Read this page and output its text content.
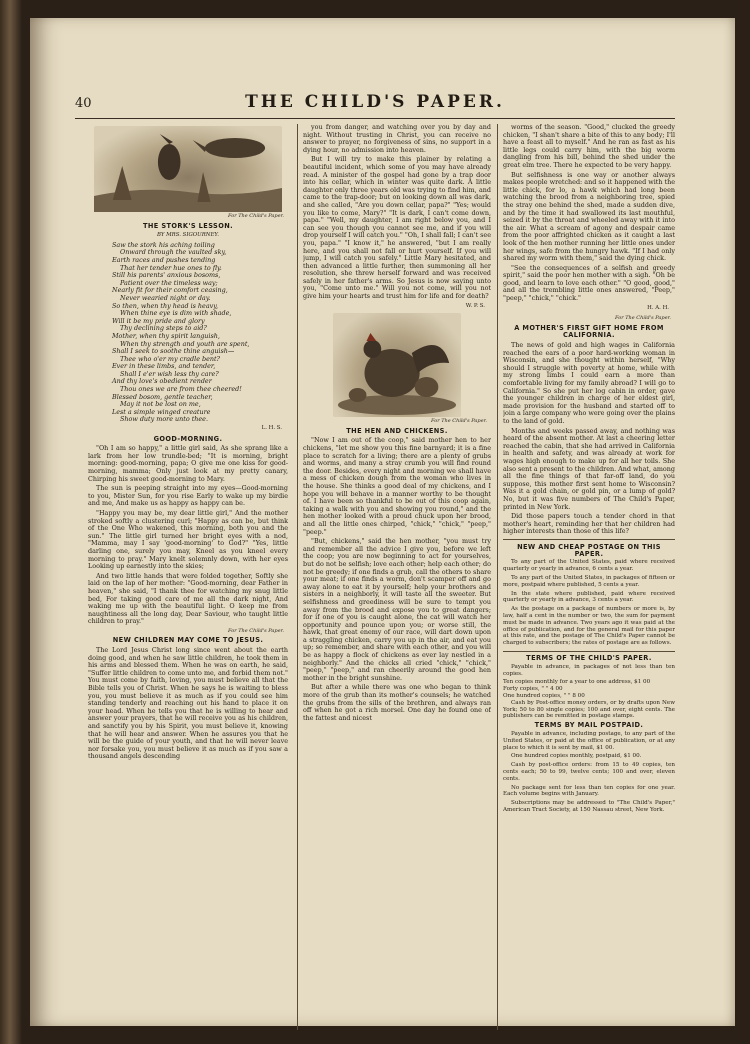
40	THE CHILD'S PAPER.
For The Child's Paper.
THE STORK'S LESSON.
BY MRS. SIGOURNEY.
Saw the stork his aching toiling
Onward through the vaulted sky,
Earth races and pushes tending
That her tender hue ones to fly.
Still his parents' anxious bosoms,
Patient over the timeless way;
Nearly fit for their comfort ceasing,
Never wearied night or day.
So then, when thy head is heavy,
When thine eye is dim with shade,
Will it be my pride and glory
Thy declining steps to aid?
Mother, when thy spirit languish,
When thy strength and youth are spent,
Shall I seek to soothe thine anguish—
Thee who o'er my cradle bent?
Ever in these limbs, and tender,
Shall I e'er wish less thy care?
And thy love's obedient render
Thou ones we are from thee cheered!
Blessed bosom, gentle teacher,
May it not be lost on me,
Lest a simple winged creature
Show duty more unto thee.
L. H. S.
GOOD-MORNING.

"Oh I am so happy," a little girl said, As she sprang like a lark from her low trundle-bed; "It is morning, bright morning: good-morning, papa; O give me one kiss for good-morning, mamma; Only just look at my pretty canary, Chirping his sweet good-morning to Mary.

The sun is peeping straight into my eyes—Good-morning to you, Mister Sun, for you rise Early to wake up my birdie and me, And make us as happy as happy can be.

"Happy you may be, my dear little girl," And the mother stroked softly a clustering curl; "Happy as can be, but think of the One Who wakened, this morning, both you and the sun." The little girl turned her bright eyes with a nod, "Mamma, may I say 'good-morning' to God?" "Yes, little darling one, surely you may, Kneel as you kneel every morning to pray." Mary knelt solemnly down, with her eyes Looking up earnestly into the skies;

And two little hands that were folded together, Softly she laid on the lap of her mother: "Good-morning, dear Father in heaven," she said, "I thank thee for watching my snug little bed, For taking good care of me all the dark night, And waking me up with the beautiful light. O keep me from naughtiness all the long day, Dear Saviour, who taught little children to pray."

For The Child's Paper.
NEW CHILDREN MAY COME TO JESUS.

The Lord Jesus Christ long since went about the earth doing good, and when he saw little children, he took them in his arms and blessed them. When he was on earth, he said, "Suffer little children to come unto me, and forbid them not." You must come by faith, loving, you must believe all that the Bible tells you of Christ. When he says he is waiting to bless you, you must believe it as much as if you could see him standing tenderly and reaching out his hand to place it on your head. When he tells you that he is willing to hear and answer your prayers, that he will receive you as his children, and sanctify you by his Spirit, you must believe it, knowing that he will hear and answer. When he assures you that he will be the guide of your youth, and that he will never leave nor forsake you, you must believe it as much as if you saw a thousand angels descending

you from danger, and watching over you by day and night. Without trusting in Christ, you can receive no answer to prayer, no forgiveness of sins, no support in a dying hour, no admission into heaven.

But I will try to make this plainer by relating a beautiful incident, which some of you may have already read. A minister of the gospel had gone by a trap door into his cellar, which in winter was quite dark. A little daughter only three years old was trying to find him, and came to the trap-door; but on looking down all was dark, and she called, "Are you down cellar, papa?" "Yes; would you like to come, Mary?" "It is dark, I can't come down, papa." "Well, my daughter, I am right below you, and I can see you though you cannot see me, and if you will drop yourself I will catch you." "Oh, I shall fall; I can't see you, papa." "I know it," he answered, "but I am really here, and you shall not fall or hurt yourself. If you will jump, I will catch you safely." Little Mary hesitated, and then advanced a little further, then summoning all her resolution, she threw herself forward and was received safely in her father's arms. So Jesus is now saying unto you, "Come unto me." Will you not come, will you not give him your hearts and trust him for life and for death?

W. P. S.
For The Child's Paper.
THE HEN AND CHICKENS.

"Now I am out of the coop," said mother hen to her chickens, "let me show you this fine barnyard; it is a fine place to scratch for a living; there are a plenty of grubs and worms, and many a stray crumb you will find round the door. Besides, every night and morning we shall have a mess of chicken dough from the woman who lives in the house. She thinks a good deal of my chickens, and I hope you will behave in a manner worthy to be thought of. I have been so thankful to be out of this coop again, taking a walk with you and showing you round," and the hen mother looked with a proud chuck upon her brood, and all the little ones chirped, "chick," "chick," "peep," "peep."

"But, chickens," said the hen mother, "you must try and remember all the advice I give you, before we left the coop; you are now beginning to act for yourselves, but do not be selfish; love each other; help each other; do not be greedy; if one finds a grub, call the others to share your meat; if one finds a worm, don't scamper off and go away alone to eat it by yourself; help your brothers and sisters in a neighborly, it will taste all the sweeter. But selfishness and greediness will be sure to tempt you away from the brood and expose you to great dangers; for if one of you is caught alone, the cat will watch her opportunity and pounce upon you; or worse still, the hawk, that great enemy of our race, will dart down upon a straggling chicken, carry you up in the air, and eat you up; so remember, and share with each other, and you will be as happy a flock of chickens as ever lay nestled in a neighborly." And the chicks all cried "chick," "chick," "peep," "peep," and ran cheerily around the good hen mother in the bright sunshine.

But after a while there was one who began to think more of the grub than its mother's counsels; he watched the grubs from the sills of the brethren, and always ran off when he got a rich morsel. One day he found one of the fattest and nicest

worms of the season. "Good," clucked the greedy chicken, "I shan't share a bite of this to any body; I'll have a feast all to myself." And he ran as fast as his little legs could carry him, with the big worm dangling from his bill, behind the shed under the great elm tree. There he expected to be very happy.

But selfishness is one way or another always makes people wretched: and so it happened with the little chick, for lo, a hawk which had long been watching the brood from a neighboring tree, spied the stray one behind the shed, made a sudden dive, and by the time it had swallowed its last mouthful, seized it by the throat and wheeled away with it into the air. What a scream of agony and despair came from the poor affrighted chicken as it caught a last look of the hen mother running her little ones under her wings, safe from the hungry hawk. "If I had only shared my worm with them," said the dying chick.

"See the consequences of a selfish and greedy spirit," said the poor hen mother with a sigh. "Oh be good, and learn to love each other." "O good, good," and all the trembling little ones answered, "Peep," "peep," "chick," "chick."

H. A. H.
For The Child's Paper.
A MOTHER'S FIRST GIFT HOME FROM CALIFORNIA.

The news of gold and high wages in California reached the ears of a poor hard-working woman in Wisconsin, and she thought within herself, "Why should I struggle with poverty at home, while with my strong limbs I could earn a more than comfortable living for my family abroad? I will go to California." So she put her log cabin in order, gave the younger children in charge of her eldest girl, made provision for the husband and started off to join a large company who were going over the plains to the land of gold.

Months and weeks passed away, and nothing was heard of the absent mother. At last a cheering letter reached the cabin, that she had arrived in California in health and safety, and was already at work for wages high enough to make up for all her toils. She also sent a present to the children. And what, among all the fine things of that far-off land, do you suppose, this mother first sent home to Wisconsin? Was it a gold chain, or gold pin, or a lump of gold? No, but it was five numbers of The Child's Paper, printed in New York.

Did those papers touch a tender chord in that mother's heart, reminding her that her children had higher interests than those of this life?

NEW AND CHEAP POSTAGE ON THIS PAPER.

To any part of the United States, paid where received quarterly or yearly in advance, 6 cents a year.

To any part of the United States, in packages of fifteen or more, postpaid where published, 5 cents a year.

In the state where published, paid where received quarterly or yearly in advance, 3 cents a year.

As the postage on a package of numbers or more is, by law, half a cent in the number or two, the sum for payment must be made in advance. Two years ago it was paid at the office of publication, and for the general mail for this paper at this rate, and the postage of The Child's Paper cannot be charged to subscribers; the rates of postage are as follows.

TERMS OF THE CHILD'S PAPER.

Payable in advance, in packages of not less than ten copies.

Ten copies monthly for a year to one address, $1 00
Forty copies, " " 4 00
One hundred copies, " " 8 00

Cash by Post-office money orders, or by drafts upon New York; 50 to 80 single copies; 100 and over, eight cents. The publishers can be remitted in postage stamps.

TERMS BY MAIL POSTPAID.

Payable in advance, including postage, to any part of the United States, or paid at the office of publication, or at any place to which it is sent by mail, $1 00.

One hundred copies monthly, postpaid, $1 00.

Cash by post-office orders: from 15 to 49 copies, ten cents each; 50 to 99, twelve cents; 100 and over, eleven cents.

No package sent for less than ten copies for one year. Each volume begins with January.

Subscriptions may be addressed to "The Child's Paper," American Tract Society, at 150 Nassau street, New York.
